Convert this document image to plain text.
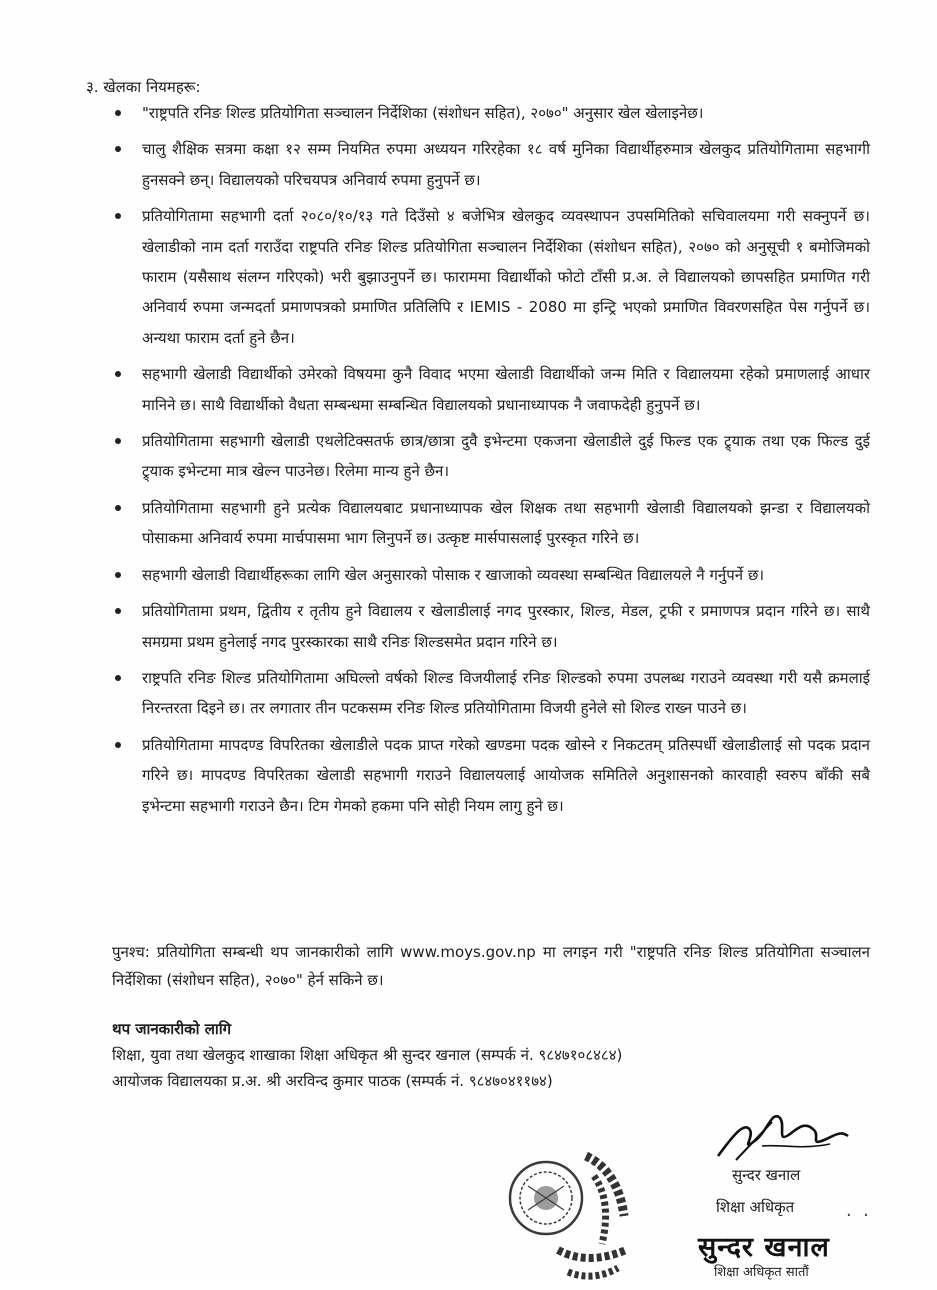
३. खेलका नियमहरू:
"राष्ट्रपति रनिङ शिल्ड प्रतियोगिता सञ्चालन निर्देशिका (संशोधन सहित), २०७०" अनुसार खेल खेलाइनेछ।
चालु शैक्षिक सत्रमा कक्षा १२ सम्म नियमित रुपमा अध्ययन गरिरहेका १८ वर्ष मुनिका विद्यार्थीहरुमात्र खेलकुद प्रतियोगितामा सहभागी हुनसक्ने छन्। विद्यालयको परिचयपत्र अनिवार्य रुपमा हुनुपर्ने छ।
प्रतियोगितामा सहभागी दर्ता २०८०/१०/१३ गते दिउँसो ४ बजेभित्र खेलकुद व्यवस्थापन उपसमितिको सचिवालयमा गरी सक्नुपर्ने छ। खेलाडीको नाम दर्ता गराउँदा राष्ट्रपति रनिङ शिल्ड प्रतियोगिता सञ्चालन निर्देशिका (संशोधन सहित), २०७० को अनुसूची १ बमोजिमको फाराम (यसैसाथ संलग्न गरिएको) भरी बुझाउनुपर्ने छ। फाराममा विद्यार्थीको फोटो टाँसी प्र.अ. ले विद्यालयको छापसहित प्रमाणित गरी अनिवार्य रुपमा जन्मदर्ता प्रमाणपत्रको प्रमाणित प्रतिलिपि र IEMIS - 2080 मा इन्ट्रि भएको प्रमाणित विवरणसहित पेस गर्नुपर्ने छ। अन्यथा फाराम दर्ता हुने छैन।
सहभागी खेलाडी विद्यार्थीको उमेरको विषयमा कुनै विवाद भएमा खेलाडी विद्यार्थीको जन्म मिति र विद्यालयमा रहेको प्रमाणलाई आधार मानिने छ। साथै विद्यार्थीको वैधता सम्बन्धमा सम्बन्धित विद्यालयको प्रधानाध्यापक नै जवाफदेही हुनुपर्ने छ।
प्रतियोगितामा सहभागी खेलाडी एथलेटिक्सतर्फ छात्र/छात्रा दुवै इभेन्टमा एकजना खेलाडीले दुई फिल्ड एक ट्र्याक तथा एक फिल्ड दुई ट्र्याक इभेन्टमा मात्र खेल्न पाउनेछ। रिलेमा मान्य हुने छैन।
प्रतियोगितामा सहभागी हुने प्रत्येक विद्यालयबाट प्रधानाध्यापक खेल शिक्षक तथा सहभागी खेलाडी विद्यालयको झन्डा र विद्यालयको पोसाकमा अनिवार्य रुपमा मार्चपासमा भाग लिनुपर्ने छ। उत्कृष्ट मार्सपासलाई पुरस्कृत गरिने छ।
सहभागी खेलाडी विद्यार्थीहरूका लागि खेल अनुसारको पोसाक र खाजाको व्यवस्था सम्बन्धित विद्यालयले नै गर्नुपर्ने छ।
प्रतियोगितामा प्रथम, द्वितीय र तृतीय हुने विद्यालय र खेलाडीलाई नगद पुरस्कार, शिल्ड, मेडल, ट्रफी र प्रमाणपत्र प्रदान गरिने छ। साथै समग्रमा प्रथम हुनेलाई नगद पुरस्कारका साथै रनिङ शिल्डसमेत प्रदान गरिने छ।
राष्ट्रपति रनिङ शिल्ड प्रतियोगितामा अघिल्लो वर्षको शिल्ड विजयीलाई रनिङ शिल्डको रुपमा उपलब्ध गराउने व्यवस्था गरी यसै क्रमलाई निरन्तरता दिइने छ। तर लगातार तीन पटकसम्म रनिङ शिल्ड प्रतियोगितामा विजयी हुनेले सो शिल्ड राख्न पाउने छ।
प्रतियोगितामा मापदण्ड विपरितका खेलाडीले पदक प्राप्त गरेको खण्डमा पदक खोस्ने र निकटतम् प्रतिस्पर्धी खेलाडीलाई सो पदक प्रदान गरिने छ। मापदण्ड विपरितका खेलाडी सहभागी गराउने विद्यालयलाई आयोजक समितिले अनुशासनको कारवाही स्वरुप बाँकी सबै इभेन्टमा सहभागी गराउने छैन। टिम गेमको हकमा पनि सोही नियम लागु हुने छ।
पुनश्च: प्रतियोगिता सम्बन्धी थप जानकारीको लागि www.moys.gov.np मा लगइन गरी "राष्ट्रपति रनिङ शिल्ड प्रतियोगिता सञ्चालन निर्देशिका (संशोधन सहित), २०७०" हेर्न सकिने छ।
थप जानकारीको लागि
शिक्षा, युवा तथा खेलकुद शाखाका शिक्षा अधिकृत श्री सुन्दर खनाल (सम्पर्क नं. ९८४७१०८४८४)
आयोजक विद्यालयका प्र.अ. श्री अरविन्द कुमार पाठक (सम्पर्क नं. ९८४७०४११७४)
सुन्दर खनाल
शिक्षा अधिकृत
सुन्दर खनाल
शिक्षा अधिकृत सातौं
.  .
